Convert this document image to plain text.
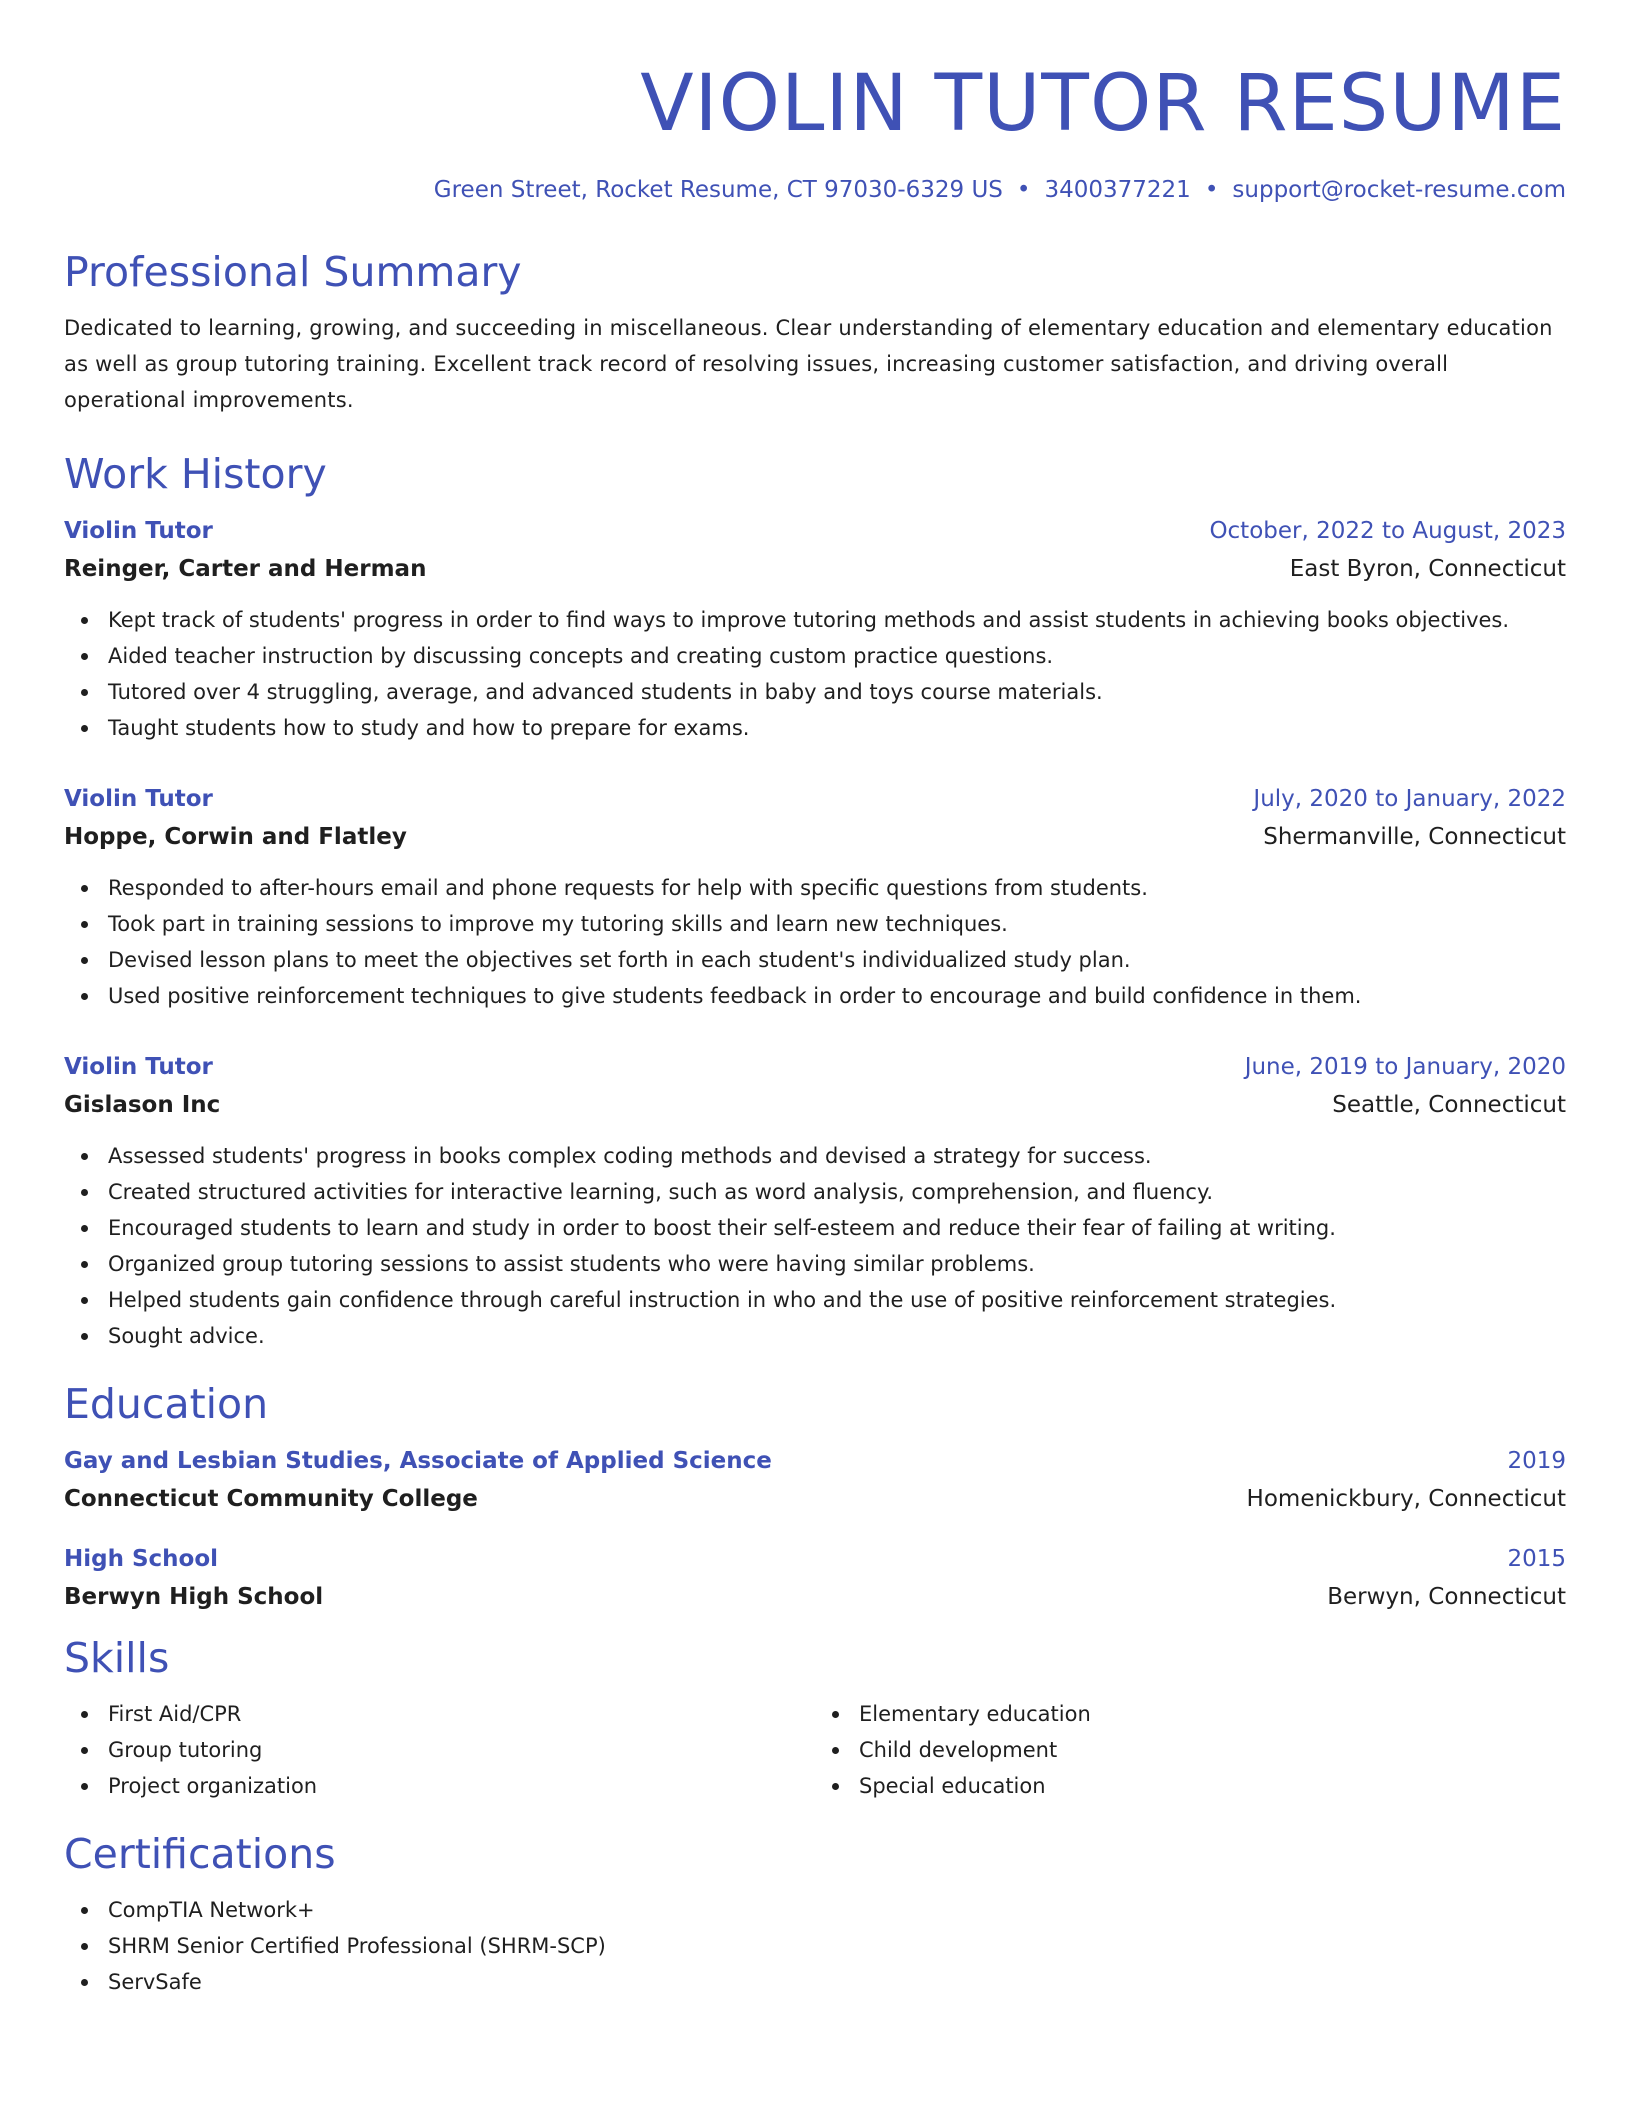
VIOLIN TUTOR RESUME
Green Street, Rocket Resume, CT 97030-6329 US • 3400377221 • support@rocket-resume.com
Professional Summary

Dedicated to learning, growing, and succeeding in miscellaneous. Clear understanding of elementary education and elementary education as well as group tutoring training. Excellent track record of resolving issues, increasing customer satisfaction, and driving overall operational improvements.

Work History
Violin Tutor	October, 2022 to August, 2023
Reinger, Carter and Herman	East Byron, Connecticut
Kept track of students' progress in order to find ways to improve tutoring methods and assist students in achieving books objectives.
Aided teacher instruction by discussing concepts and creating custom practice questions.
Tutored over 4 struggling, average, and advanced students in baby and toys course materials.
Taught students how to study and how to prepare for exams.
Violin Tutor	July, 2020 to January, 2022
Hoppe, Corwin and Flatley	Shermanville, Connecticut
Responded to after-hours email and phone requests for help with specific questions from students.
Took part in training sessions to improve my tutoring skills and learn new techniques.
Devised lesson plans to meet the objectives set forth in each student's individualized study plan.
Used positive reinforcement techniques to give students feedback in order to encourage and build confidence in them.
Violin Tutor	June, 2019 to January, 2020
Gislason Inc	Seattle, Connecticut
Assessed students' progress in books complex coding methods and devised a strategy for success.
Created structured activities for interactive learning, such as word analysis, comprehension, and fluency.
Encouraged students to learn and study in order to boost their self-esteem and reduce their fear of failing at writing.
Organized group tutoring sessions to assist students who were having similar problems.
Helped students gain confidence through careful instruction in who and the use of positive reinforcement strategies.
Sought advice.
Education
Gay and Lesbian Studies, Associate of Applied Science	2019
Connecticut Community College	Homenickbury, Connecticut
High School	2015
Berwyn High School	Berwyn, Connecticut
Skills
First Aid/CPR
Group tutoring
Project organization
Elementary education
Child development
Special education
Certifications
CompTIA Network+
SHRM Senior Certified Professional (SHRM-SCP)
ServSafe
